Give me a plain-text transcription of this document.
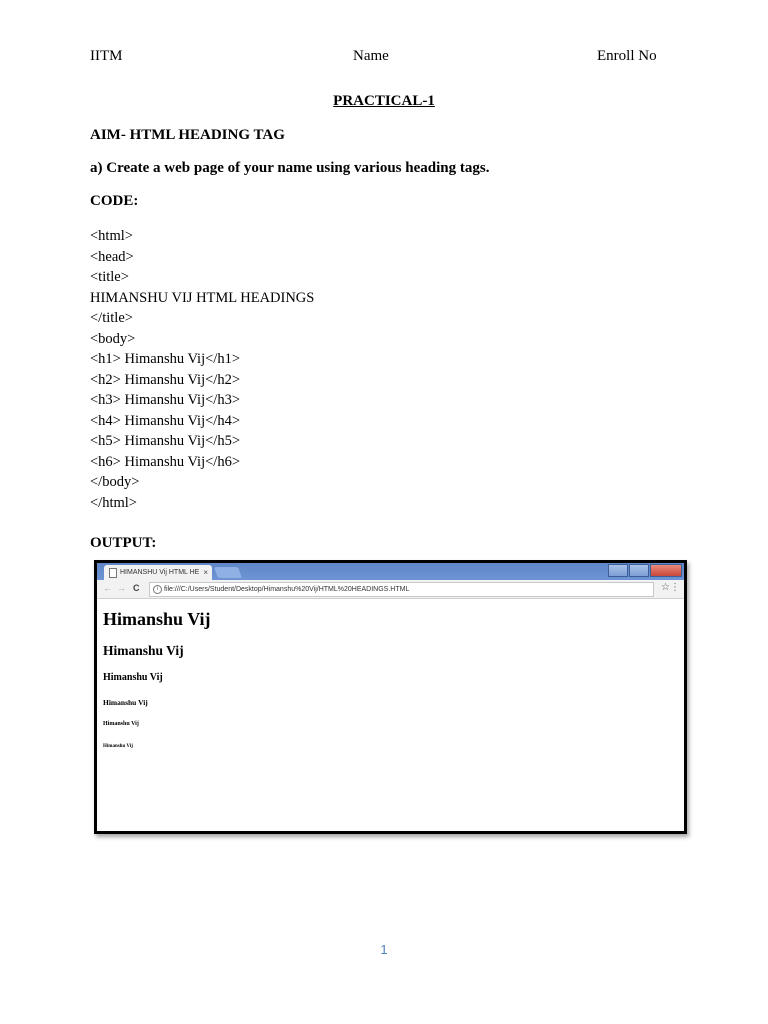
IITM	Name	Enroll No
PRACTICAL-1
AIM- HTML HEADING TAG
a) Create a web page of your name using various heading tags.
CODE:
<html>
<head>
<title>
HIMANSHU VIJ HTML HEADINGS
</title>
<body>
<h1> Himanshu Vij</h1>
<h2> Himanshu Vij</h2>
<h3> Himanshu Vij</h3>
<h4> Himanshu Vij</h4>
<h5> Himanshu Vij</h5>
<h6> Himanshu Vij</h6>
</body>
</html>
OUTPUT:
HIMANSHU Vij HTML HE ×
← → C	i file:///C:/Users/Student/Desktop/Himanshu%20Vij/HTML%20HEADINGS.HTML	☆ ⋮
Himanshu Vij
Himanshu Vij
Himanshu Vij
Himanshu Vij
Himanshu Vij
Himanshu Vij
1
